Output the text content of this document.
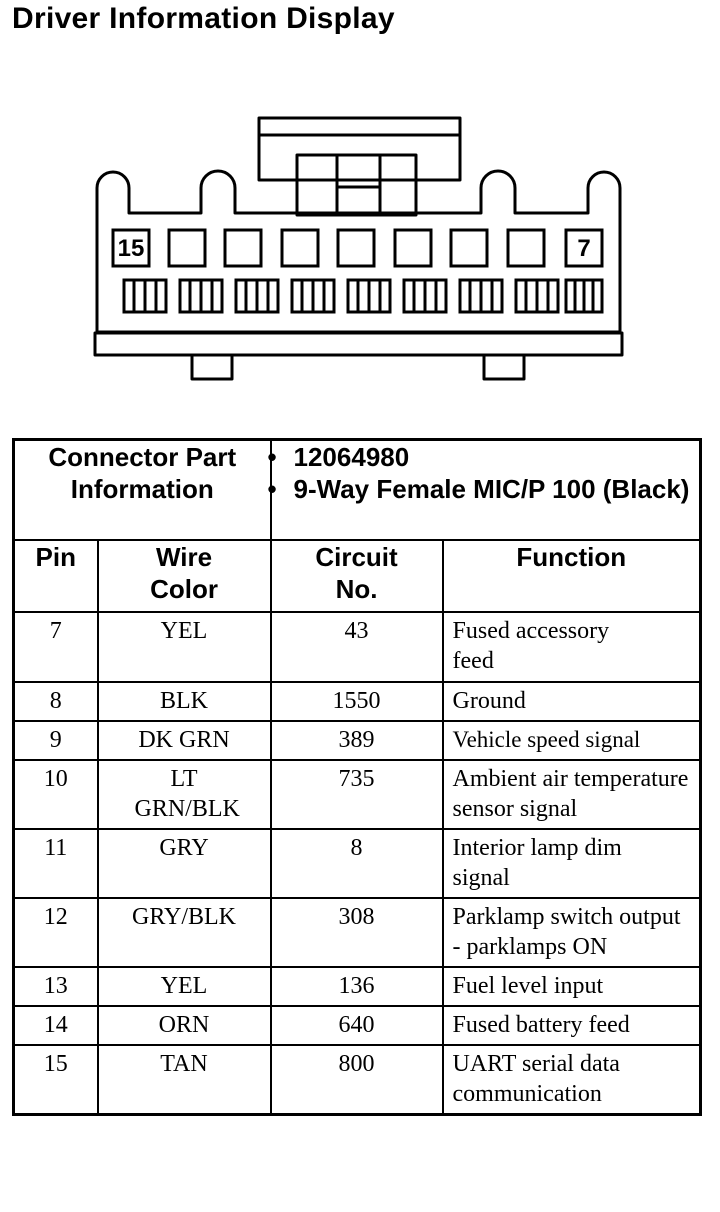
Driver Information Display
15	7
Connector Part Information		• 12064980
• 9-Way Female MIC/P 100 (Black)	

Pin	Wire Color	Circuit No.	Function
7	YEL	43	Fused accessory feed
8	BLK	1550	Ground
9	DK GRN	389	Vehicle speed signal
10	LT GRN/BLK	735	Ambient air temperature sensor signal
11	GRY	8	Interior lamp dim signal
12	GRY/BLK	308	Parklamp switch output - parklamps ON
13	YEL	136	Fuel level input
14	ORN	640	Fused battery feed
15	TAN	800	UART serial data communication
